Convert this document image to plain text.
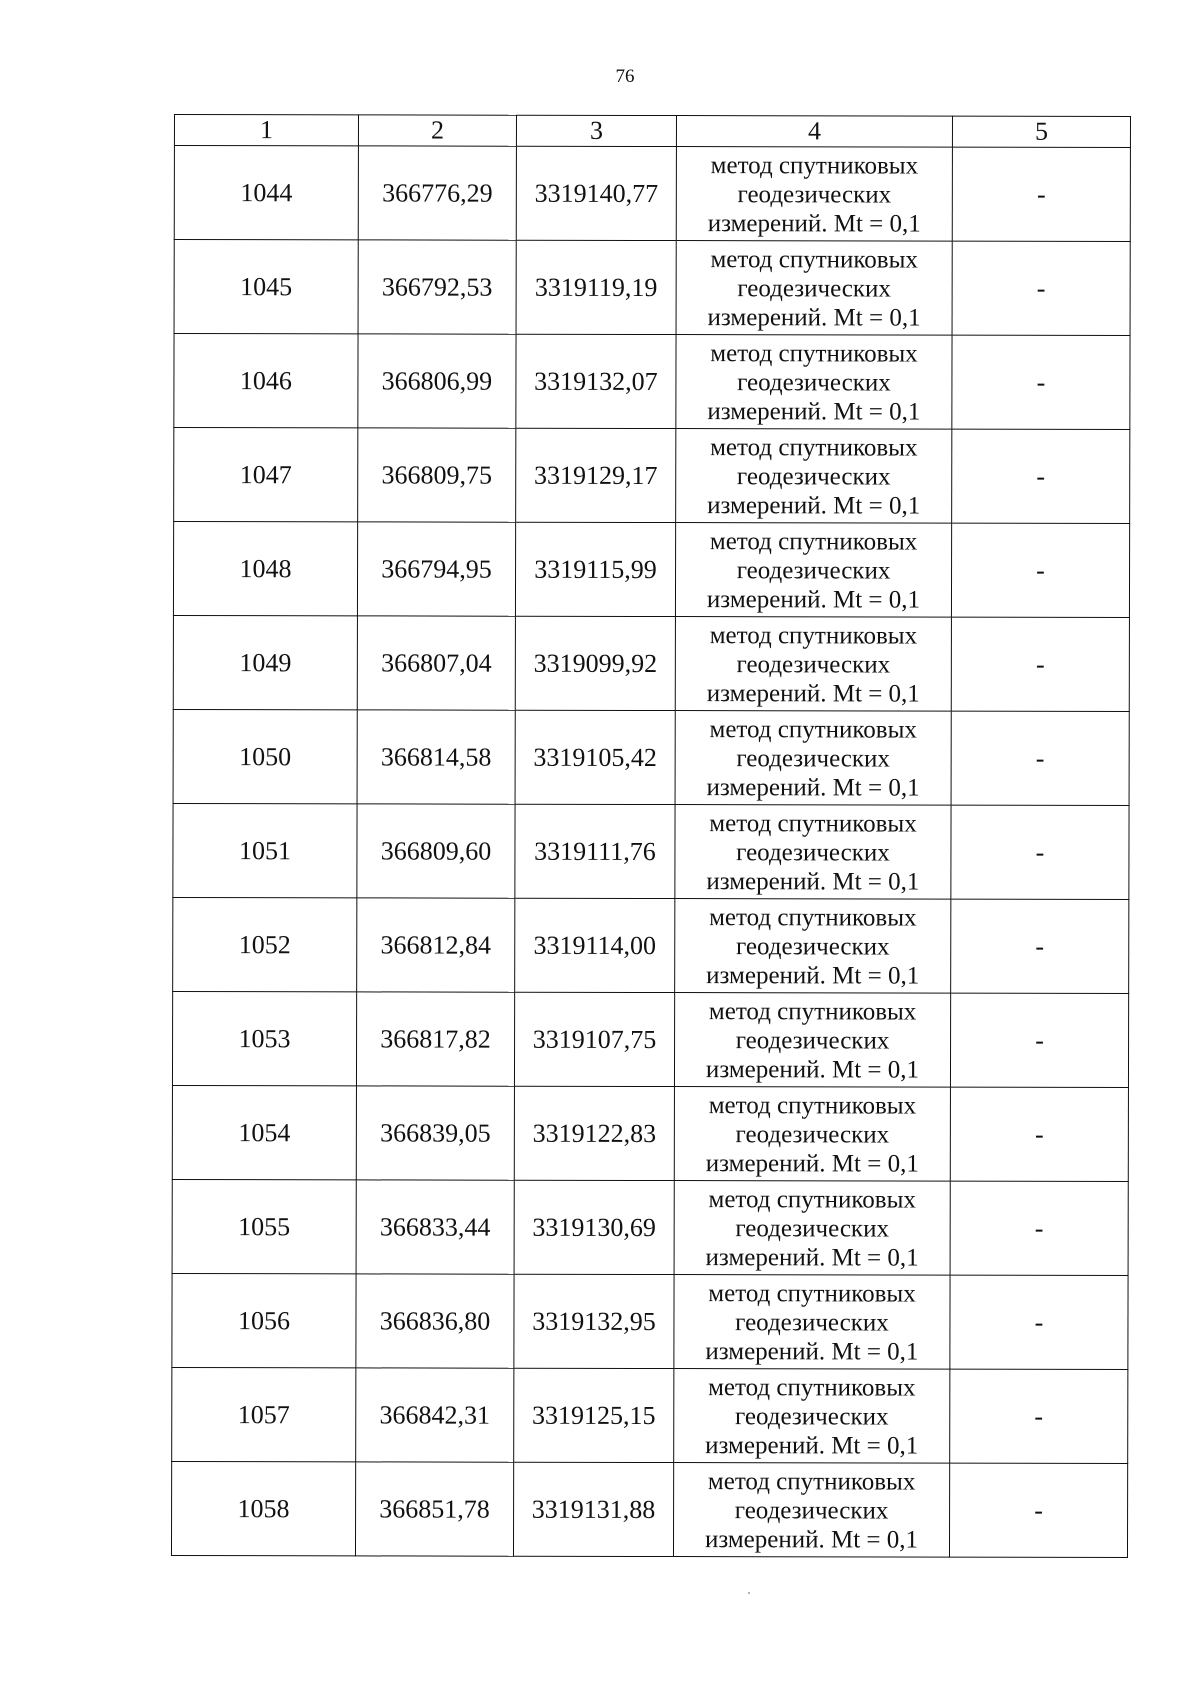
76
1	2	3	4	5
1044	366776,29	3319140,77	метод спутниковых
геодезических
измерений. Mt = 0,1	-
1045	366792,53	3319119,19	метод спутниковых
геодезических
измерений. Mt = 0,1	-
1046	366806,99	3319132,07	метод спутниковых
геодезических
измерений. Mt = 0,1	-
1047	366809,75	3319129,17	метод спутниковых
геодезических
измерений. Mt = 0,1	-
1048	366794,95	3319115,99	метод спутниковых
геодезических
измерений. Mt = 0,1	-
1049	366807,04	3319099,92	метод спутниковых
геодезических
измерений. Mt = 0,1	-
1050	366814,58	3319105,42	метод спутниковых
геодезических
измерений. Mt = 0,1	-
1051	366809,60	3319111,76	метод спутниковых
геодезических
измерений. Mt = 0,1	-
1052	366812,84	3319114,00	метод спутниковых
геодезических
измерений. Mt = 0,1	-
1053	366817,82	3319107,75	метод спутниковых
геодезических
измерений. Mt = 0,1	-
1054	366839,05	3319122,83	метод спутниковых
геодезических
измерений. Mt = 0,1	-
1055	366833,44	3319130,69	метод спутниковых
геодезических
измерений. Mt = 0,1	-
1056	366836,80	3319132,95	метод спутниковых
геодезических
измерений. Mt = 0,1	-
1057	366842,31	3319125,15	метод спутниковых
геодезических
измерений. Mt = 0,1	-
1058	366851,78	3319131,88	метод спутниковых
геодезических
измерений. Mt = 0,1	-
